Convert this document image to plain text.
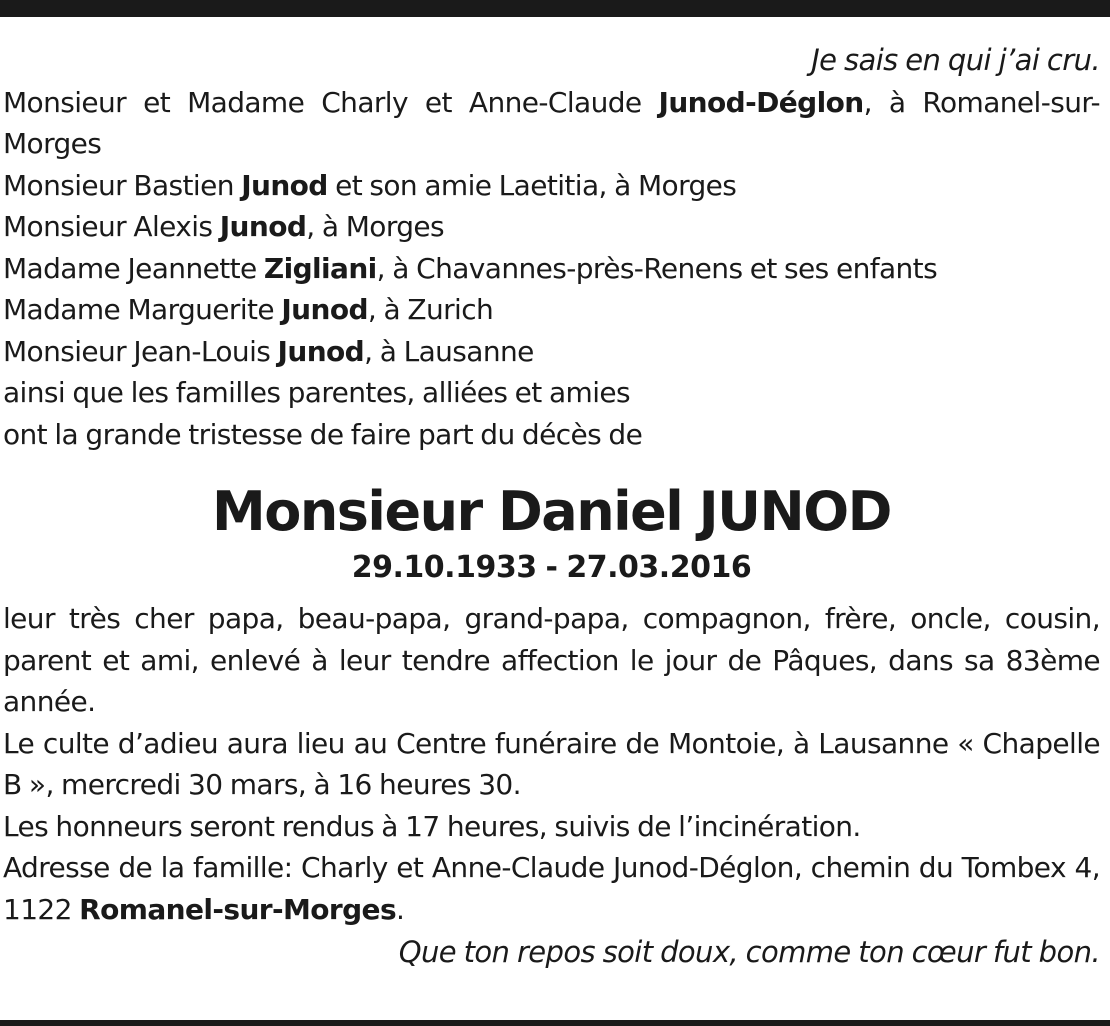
Je sais en qui j’ai cru.

Monsieur et Madame Charly et Anne-Claude Junod-Déglon, à Romanel-sur-Morges

Monsieur Bastien Junod et son amie Laetitia, à Morges

Monsieur Alexis Junod, à Morges

Madame Jeannette Zigliani, à Chavannes-près-Renens et ses enfants

Madame Marguerite Junod, à Zurich

Monsieur Jean-Louis Junod, à Lausanne

ainsi que les familles parentes, alliées et amies

ont la grande tristesse de faire part du décès de

Monsieur Daniel JUNOD

29.10.1933 - 27.03.2016

leur très cher papa, beau-papa, grand-papa, compagnon, frère, oncle, cousin, parent et ami, enlevé à leur tendre affection le jour de Pâques, dans sa 83ème année.

Le culte d’adieu aura lieu au Centre funéraire de Montoie, à Lausanne « Chapelle B », mercredi 30 mars, à 16 heures 30.

Les honneurs seront rendus à 17 heures, suivis de l’incinération.

Adresse de la famille: Charly et Anne-Claude Junod-Déglon, chemin du Tombex 4, 1122 Romanel-sur-Morges.

Que ton repos soit doux, comme ton cœur fut bon.
